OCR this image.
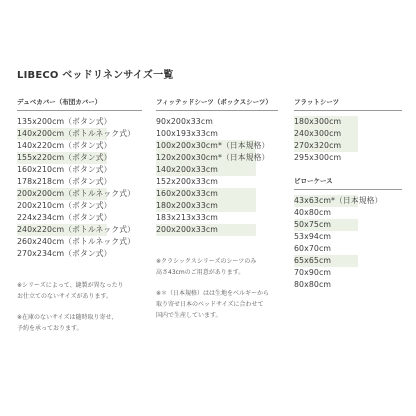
LIBECO ベッドリネンサイズ一覧
デュベカバー（布団カバー）
135x200cm（ボタン式）
140x200cm（ボトルネック式）
140x220cm（ボタン式）
155x220cm（ボタン式）
160x210cm（ボタン式）
178x218cm（ボタン式）
200x200cm（ボトルネック式）
200x210cm（ボタン式）
224x234cm（ボタン式）
240x220cm（ボトルネック式）
260x240cm（ボトルネック式）
270x234cm（ボタン式）
※シリーズによって、縫製が異なったり
お仕立てのないサイズがあります。
※在庫のないサイズは随時取り寄せ、
予約を承っております。
フィッテッドシーツ（ボックスシーツ）
90x200x33cm
100x193x33cm
100x200x30cm*（日本規格）
120x200x30cm*（日本規格）
140x200x33cm
152x200x33cm
160x200x33cm
180x200x33cm
183x213x33cm
200x200x33cm
※クラシックスシリーズのシーツのみ
高さ43cmのご用意があります。
※＊（日本規格）はは生地をベルギーから
取り寄せ日本のベッドサイズに合わせて
国内で生産しています。
フラットシーツ
180x300cm
240x300cm
270x320cm
295x300cm
ピローケース
43x63cm*（日本規格）
40x80cm
50x75cm
53x94cm
60x70cm
65x65cm
70x90cm
80x80cm
